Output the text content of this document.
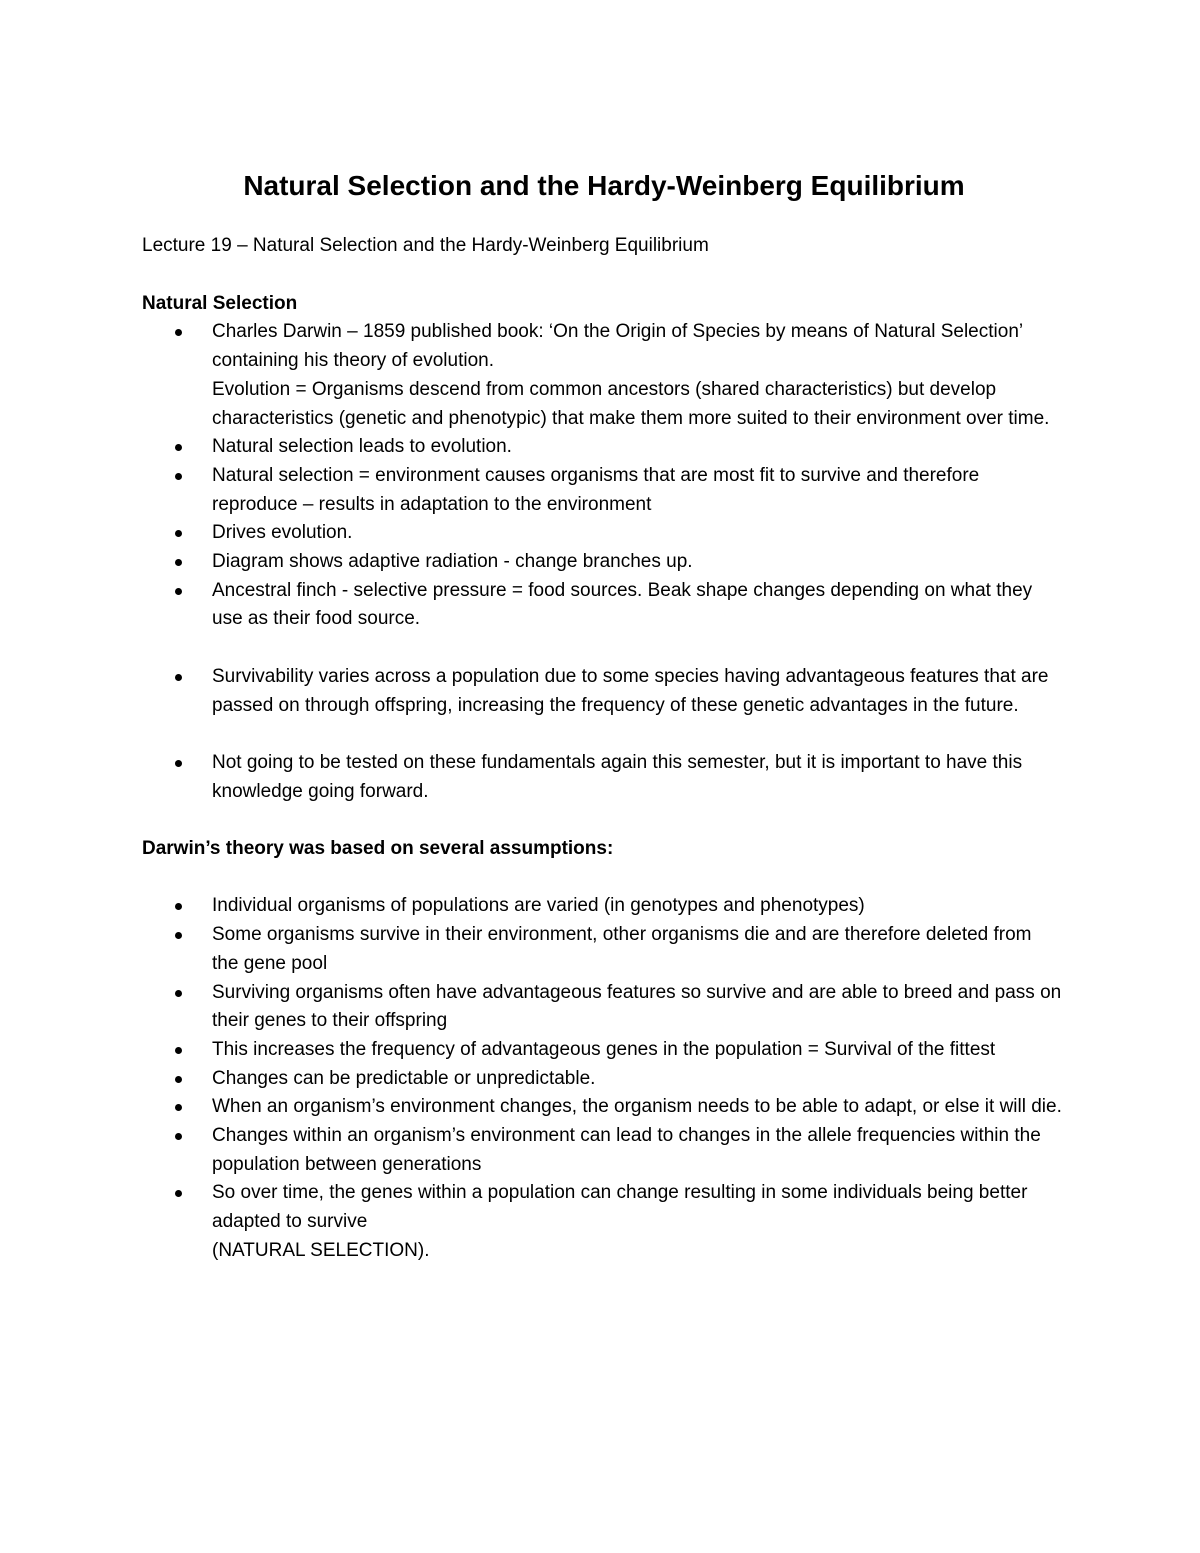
Natural Selection and the Hardy-Weinberg Equilibrium

Lecture 19 – Natural Selection and the Hardy-Weinberg Equilibrium

Natural Selection
Charles Darwin – 1859 published book: ‘On the Origin of Species by means of Natural Selection’ containing his theory of evolution.
Evolution = Organisms descend from common ancestors (shared characteristics) but develop characteristics (genetic and phenotypic) that make them more suited to their environment over time.
Natural selection leads to evolution.
Natural selection = environment causes organisms that are most fit to survive and therefore reproduce – results in adaptation to the environment
Drives evolution.
Diagram shows adaptive radiation - change branches up.
Ancestral finch - selective pressure = food sources. Beak shape changes depending on what they use as their food source.
Survivability varies across a population due to some species having advantageous features that are passed on through offspring, increasing the frequency of these genetic advantages in the future.
Not going to be tested on these fundamentals again this semester, but it is important to have this knowledge going forward.
Darwin’s theory was based on several assumptions:
Individual organisms of populations are varied (in genotypes and phenotypes)
Some organisms survive in their environment, other organisms die and are therefore deleted from the gene pool
Surviving organisms often have advantageous features so survive and are able to breed and pass on their genes to their offspring
This increases the frequency of advantageous genes in the population = Survival of the fittest
Changes can be predictable or unpredictable.
When an organism’s environment changes, the organism needs to be able to adapt, or else it will die.
Changes within an organism’s environment can lead to changes in the allele frequencies within the population between generations
So over time, the genes within a population can change resulting in some individuals being better adapted to survive
(NATURAL SELECTION).
